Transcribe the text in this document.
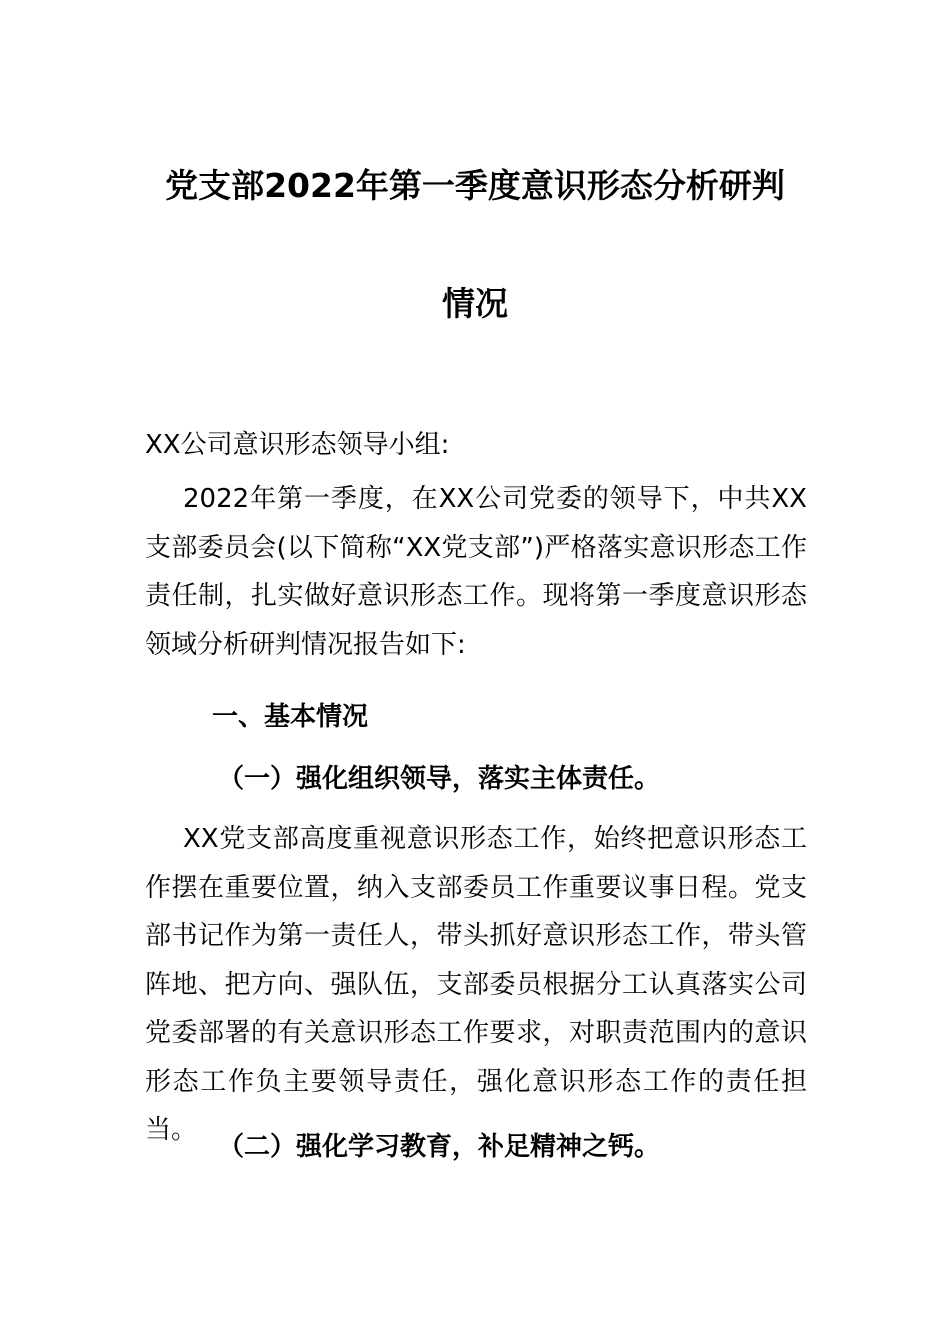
党支部2022年第一季度意识形态分析研判
情况
XX公司意识形态领导小组:
2022年第一季度，在XX公司党委的领导下，中共XX支部委员会(以下简称“XX党支部”)严格落实意识形态工作责任制，扎实做好意识形态工作。现将第一季度意识形态领域分析研判情况报告如下:
一、基本情况
（一）强化组织领导，落实主体责任。
XX党支部高度重视意识形态工作，始终把意识形态工作摆在重要位置，纳入支部委员工作重要议事日程。党支部书记作为第一责任人，带头抓好意识形态工作，带头管阵地、把方向、强队伍，支部委员根据分工认真落实公司党委部署的有关意识形态工作要求，对职责范围内的意识形态工作负主要领导责任，强化意识形态工作的责任担当。
（二）强化学习教育，补足精神之钙。
